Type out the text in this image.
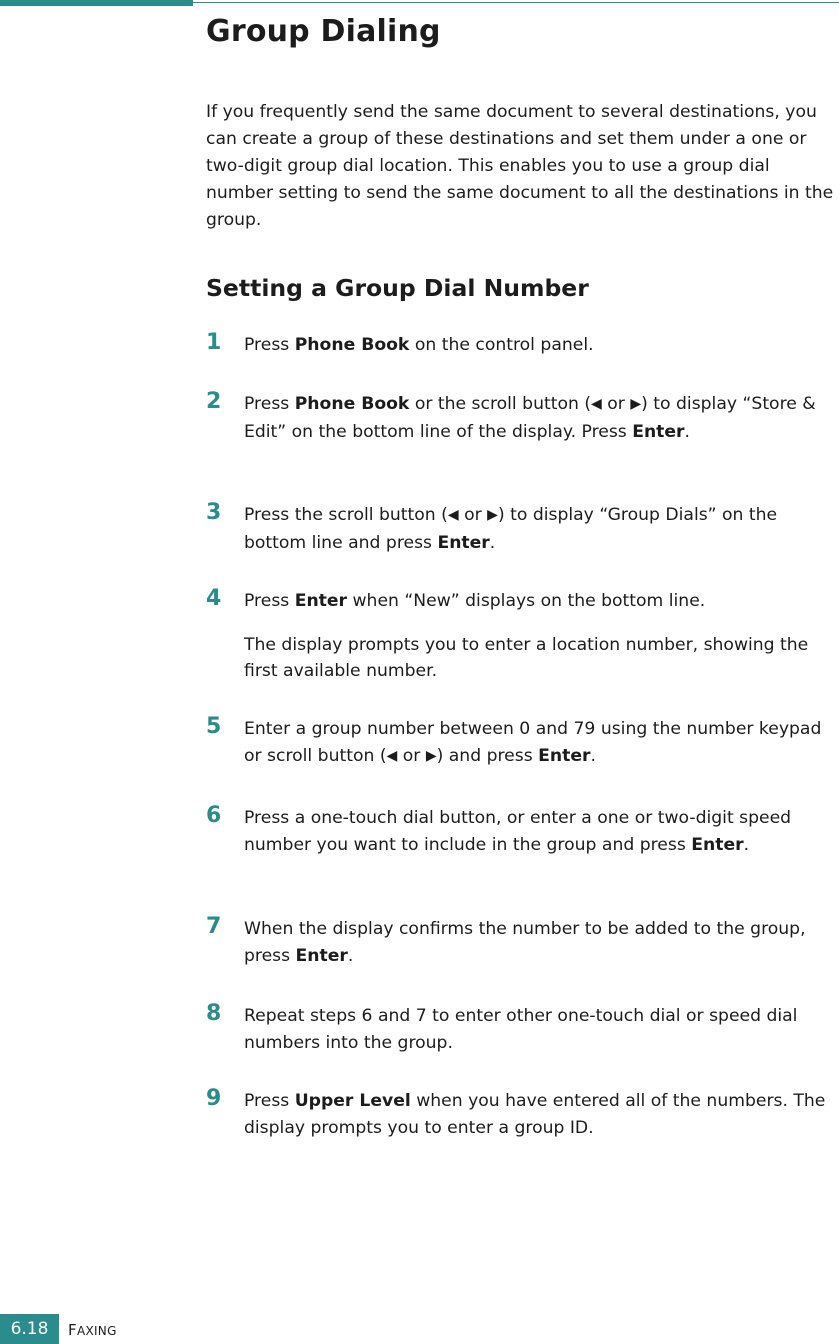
Group Dialing

If you frequently send the same document to several destinations, you can create a group of these destinations and set them under a one or two-digit group dial location. This enables you to use a group dial number setting to send the same document to all the destinations in the group.

Setting a Group Dial Number
1 Press Phone Book on the control panel.
2 Press Phone Book or the scroll button (◀ or ▶) to display “Store & Edit” on the bottom line of the display. Press Enter.
3 Press the scroll button (◀ or ▶) to display “Group Dials” on the bottom line and press Enter.
4 Press Enter when “New” displays on the bottom line.
The display prompts you to enter a location number, showing the first available number.
5 Enter a group number between 0 and 79 using the number keypad or scroll button (◀ or ▶) and press Enter.
6 Press a one-touch dial button, or enter a one or two-digit speed number you want to include in the group and press Enter.
7 When the display confirms the number to be added to the group, press Enter.
8 Repeat steps 6 and 7 to enter other one-touch dial or speed dial numbers into the group.
9 Press Upper Level when you have entered all of the numbers. The display prompts you to enter a group ID.
6.18	FAXING
